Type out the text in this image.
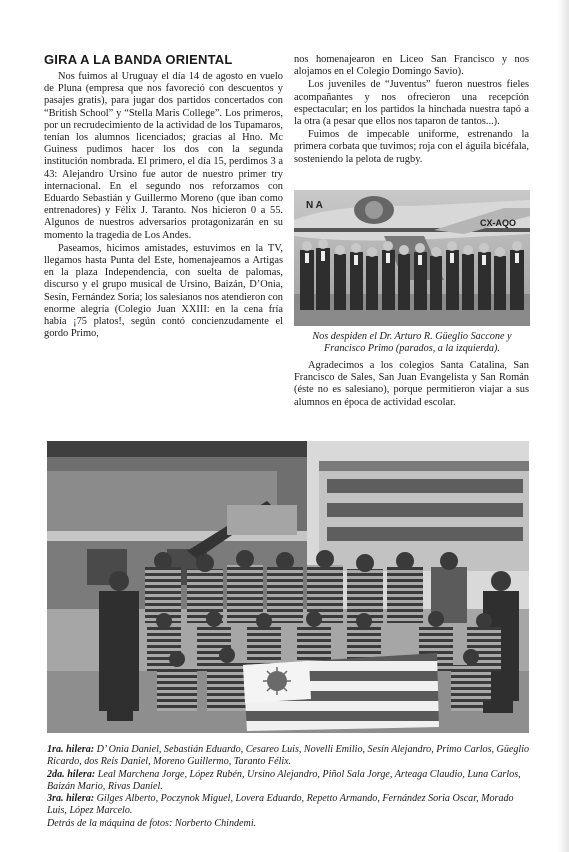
GIRA A LA BANDA ORIENTAL

Nos fuimos al Uruguay el día 14 de agosto en vuelo de Pluna (empresa que nos favoreció con descuentos y pasajes gratis), para jugar dos partidos concertados con “British School” y “Stella Maris College”. Los primeros, por un recrudecimiento de la actividad de los Tupamaros, tenían los alumnos licenciados; gracias al Hno. Mc Guiness pudimos hacer los dos con la segunda institución nombrada. El primero, el día 15, perdimos 3 a 43: Alejandro Ursino fue autor de nuestro primer try internacional. En el segundo nos reforzamos con Eduardo Sebastián y Guillermo Moreno (que iban como entrenadores) y Félix J. Taranto. Nos hicieron 0 a 55. Algunos de nuestros adversarios protagonizarán en su momento la tragedia de Los Andes.

Paseamos, hicimos amistades, estuvimos en la TV, llegamos hasta Punta del Este, homenajeamos a Artigas en la plaza Independencia, con suelta de palomas, discurso y el grupo musical de Ursino, Baizán, D’Onia, Sesín, Fernández Soria; los salesianos nos atendieron con enorme alegría (Colegio Juan XXIII: en la cena fría había ¡75 platos!, según contó concienzudamente el gordo Primo,

nos homenajearon en Liceo San Francisco y nos alojamos en el Colegio Domingo Savio).

Los juveniles de “Juventus” fueron nuestros fieles acompañantes y nos ofrecieron una recepción espectacular; en los partidos la hinchada nuestra tapó a la otra (a pesar que ellos nos taparon de tantos...).

Fuimos de impecable uniforme, estrenando la primera corbata que tuvimos; roja con el águila bicéfala, sosteniendo la pelota de rugby.

N A
CX-AQO
Nos despiden el Dr. Arturo R. Güeglio Saccone y Francisco Primo (parados, a la izquierda).

Agradecimos a los colegios Santa Catalina, San Francisco de Sales, San Juan Evangelista y San Román (éste no es salesiano), porque permitieron viajar a sus alumnos en época de actividad escolar.

1ra. hilera: D’ Onia Daniel, Sebastián Eduardo, Cesareo Luis, Novelli Emilio, Sesín Alejandro, Primo Carlos, Güeglio Ricardo, dos Reis Daniel, Moreno Guillermo, Taranto Félix.

2da. hilera: Leal Marchena Jorge, López Rubén, Ursino Alejandro, Piñol Sala Jorge, Arteaga Claudio, Luna Carlos, Baizán Mario, Rivas Daniel.

3ra. hilera: Gilges Alberto, Poczynok Miguel, Lovera Eduardo, Repetto Armando, Fernández Soria Oscar, Morado Luis, López Marcelo.

Detrás de la máquina de fotos: Norberto Chindemi.
